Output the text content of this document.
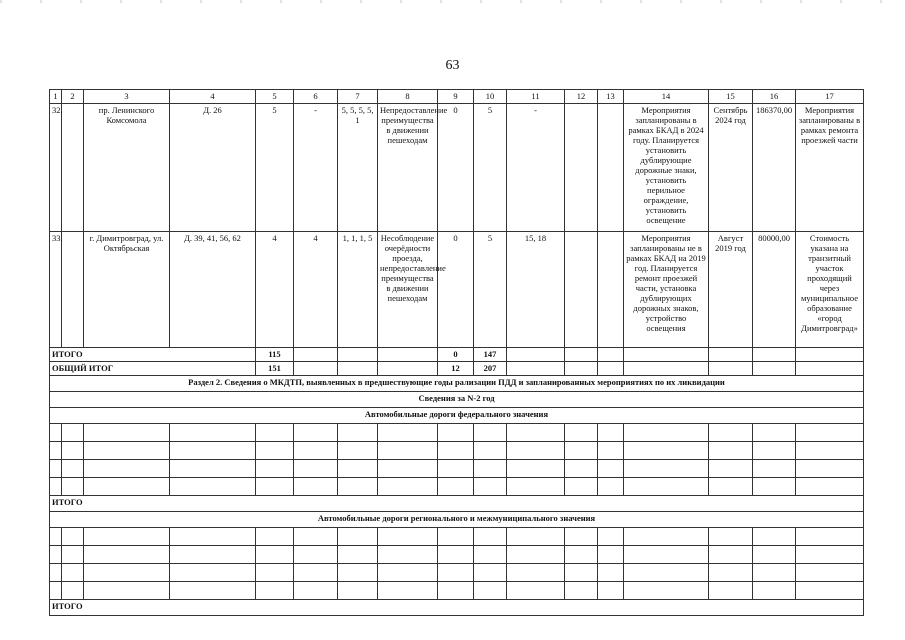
63
1	2	3	4	5	6	7	8	9	10	11	12	13	14	15	16	17
32.		пр. Ленинского Комсомола	Д. 26	5	-	5, 5, 5, 5, 1	Непредоставление преимущества в движении пешеходам	0	5	-			Мероприятия запланированы в рамках БКАД в 2024 году. Планируется установить дублирующие дорожные знаки, установить перильное ограждение, установить освещение	Сентябрь 2024 год	186370,00	Мероприятия запланированы в рамках ремонта проезжей части
33.		г. Димитровград, ул. Октябрьская	Д. 39, 41, 56, 62	4	4	1, 1, 1, 5	Несоблюдение очерёдности проезда, непредоставление преимущества в движении пешеходам	0	5	15, 18			Мероприятия запланированы не в рамках БКАД на 2019 год. Планируется ремонт проезжей части, установка дублирующих дорожных знаков, устройство освещения	Август 2019 год	80000,00	Стоимость указана на транзитный участок проходящий через муниципальное образование «город Димитровград»
ИТОГО				115				0	147							
ОБЩИЙ ИТОГ				151				12	207							
Раздел 2. Сведения о МКДТП, выявленных в предшествующие годы рализации ПДД и запланированных мероприятиях по их ликвидации																
Сведения за N-2 год																
Автомобильные дороги федерального значения																

ИТОГО																
Автомобильные дороги регионального и межмуниципального значения																

ИТОГО																
